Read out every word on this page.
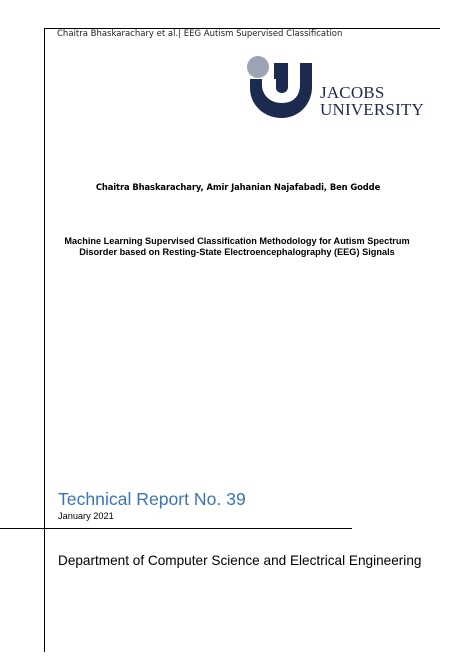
Chaitra Bhaskarachary et al.| EEG Autism Supervised Classification
JACOBS
UNIVERSITY
Chaitra Bhaskarachary, Amir Jahanian Najafabadi, Ben Godde
Machine Learning Supervised Classification Methodology for Autism Spectrum
Disorder based on Resting-State Electroencephalography (EEG) Signals
Technical Report No. 39
January 2021
Department of Computer Science and Electrical Engineering
